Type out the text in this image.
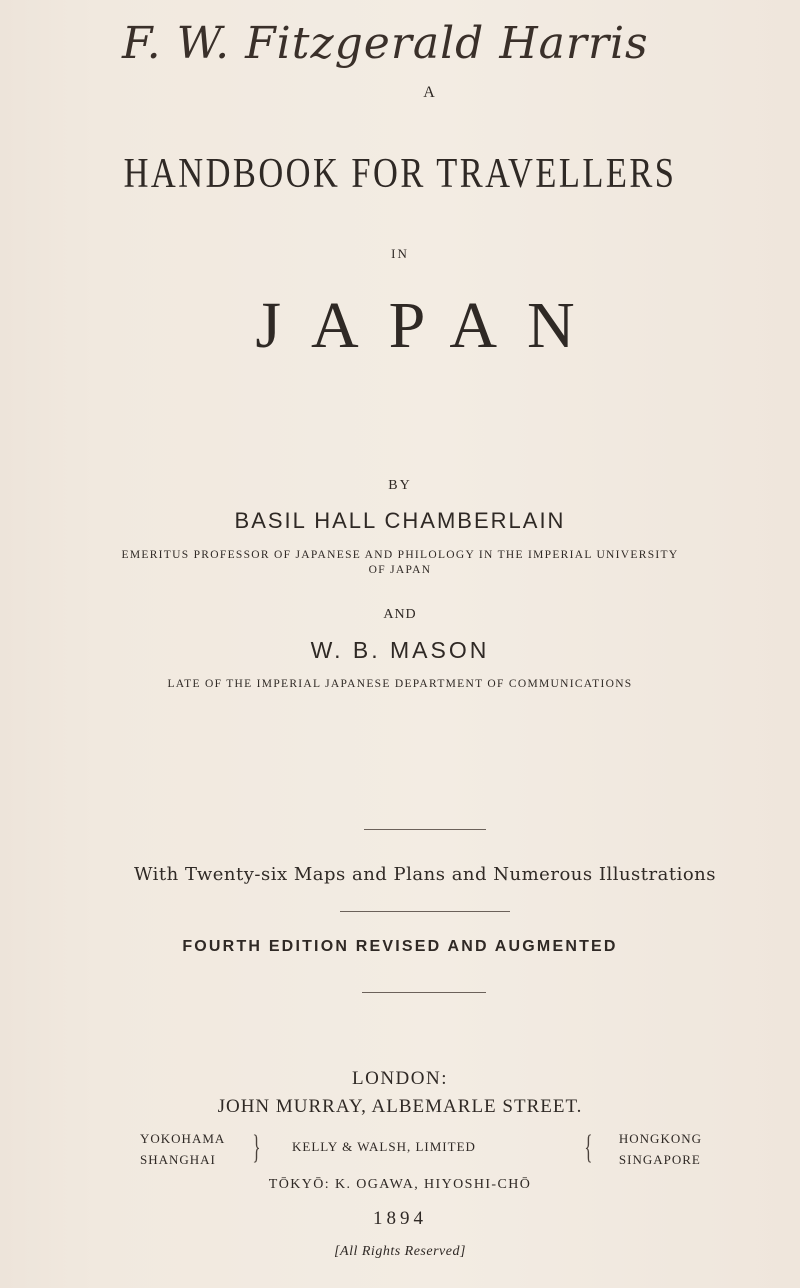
F. W. Fitzgerald Harris
A
HANDBOOK FOR TRAVELLERS
IN
JAPAN
BY
BASIL HALL CHAMBERLAIN
EMERITUS PROFESSOR OF JAPANESE AND PHILOLOGY IN THE IMPERIAL UNIVERSITY
OF JAPAN
AND
W. B. MASON
LATE OF THE IMPERIAL JAPANESE DEPARTMENT OF COMMUNICATIONS
With Twenty-six Maps and Plans and Numerous Illustrations
FOURTH EDITION REVISED AND AUGMENTED
LONDON:
JOHN MURRAY, ALBEMARLE STREET.
YOKOHAMA
SHANGHAI } KELLY & WALSH, LIMITED	{ HONGKONG
SINGAPORE
TŌKYŌ: K. OGAWA, HIYOSHI-CHŌ
1894
[All Rights Reserved]
